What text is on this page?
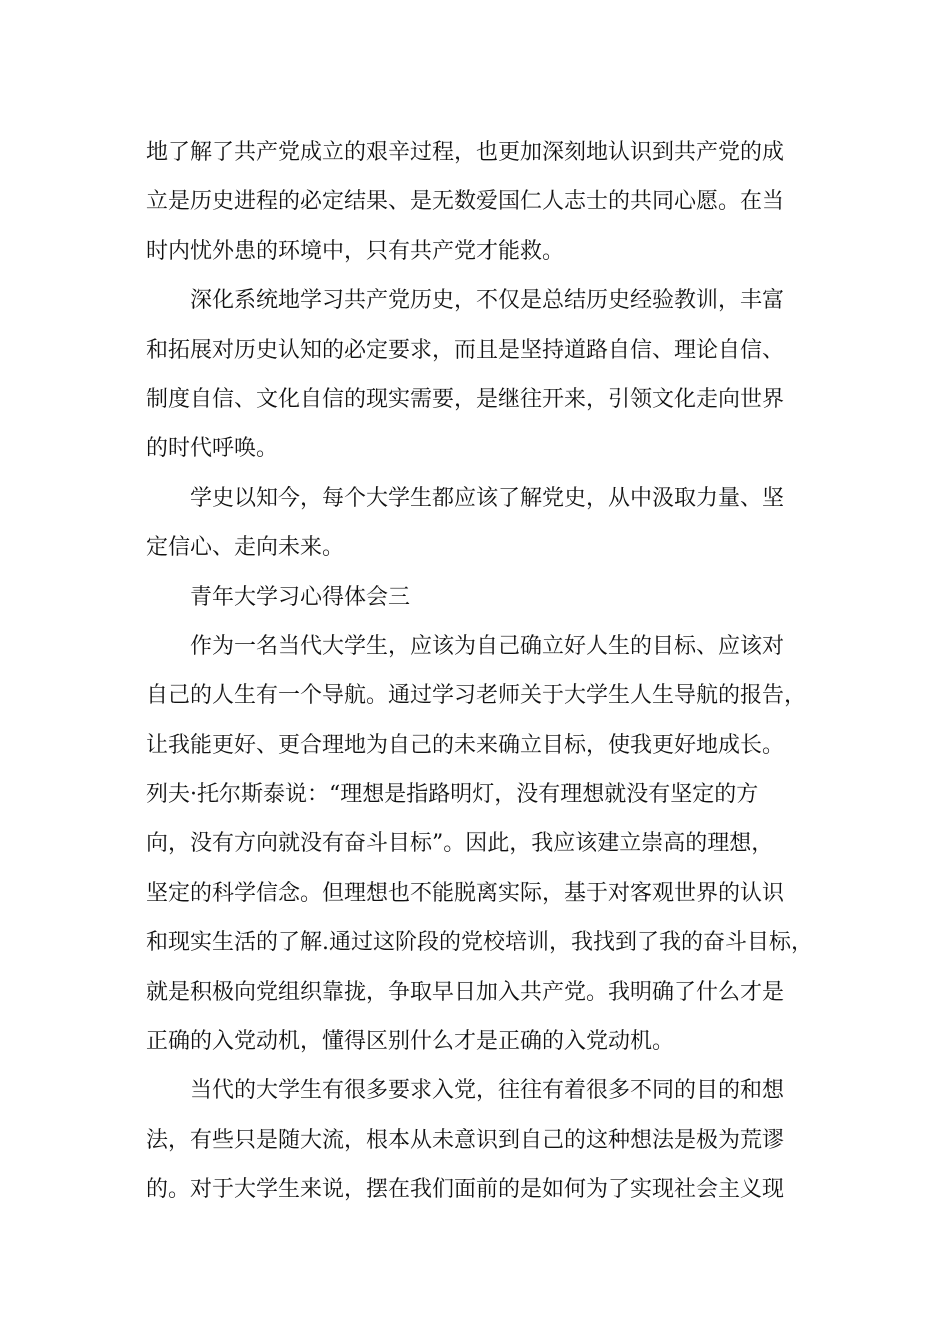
地了解了共产党成立的艰辛过程，也更加深刻地认识到共产党的成
立是历史进程的必定结果、是无数爱国仁人志士的共同心愿。在当
时内忧外患的环境中，只有共产党才能救。
深化系统地学习共产党历史，不仅是总结历史经验教训，丰富
和拓展对历史认知的必定要求，而且是坚持道路自信、理论自信、
制度自信、文化自信的现实需要，是继往开来，引领文化走向世界
的时代呼唤。
学史以知今，每个大学生都应该了解党史，从中汲取力量、坚
定信心、走向未来。
青年大学习心得体会三
作为一名当代大学生，应该为自己确立好人生的目标、应该对
自己的人生有一个导航。通过学习老师关于大学生人生导航的报告，
让我能更好、更合理地为自己的未来确立目标，使我更好地成长。
列夫·托尔斯泰说：“理想是指路明灯，没有理想就没有坚定的方
向，没有方向就没有奋斗目标”。因此，我应该建立崇高的理想，
坚定的科学信念。但理想也不能脱离实际，基于对客观世界的认识
和现实生活的了解.通过这阶段的党校培训，我找到了我的奋斗目标，
就是积极向党组织靠拢，争取早日加入共产党。我明确了什么才是
正确的入党动机，懂得区别什么才是正确的入党动机。
当代的大学生有很多要求入党，往往有着很多不同的目的和想
法，有些只是随大流，根本从未意识到自己的这种想法是极为荒谬
的。对于大学生来说，摆在我们面前的是如何为了实现社会主义现
